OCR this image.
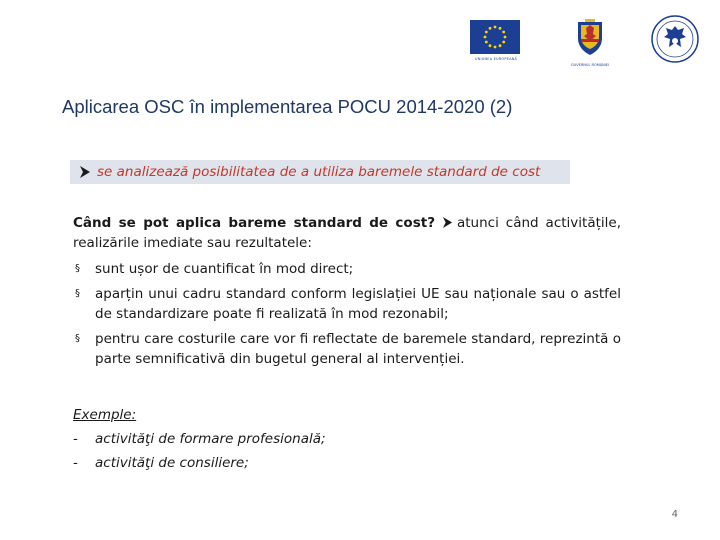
UNIUNEA EUROPEANĂ
GUVERNUL ROMÂNIEI
Aplicarea OSC în implementarea POCU 2014-2020 (2)
se analizează posibilitatea de a utiliza baremele standard de cost
Când se pot aplica bareme standard de cost? atunci când activitățile, realizările imediate sau rezultatele:
§ sunt ușor de cuantificat în mod direct;
§ aparțin unui cadru standard conform legislației UE sau naționale sau o astfel de standardizare poate fi realizată în mod rezonabil;
§ pentru care costurile care vor fi reflectate de baremele standard, reprezintă o parte semnificativă din bugetul general al intervenției.
Exemple:
- activităţi de formare profesională;
- activităţi de consiliere;
4
